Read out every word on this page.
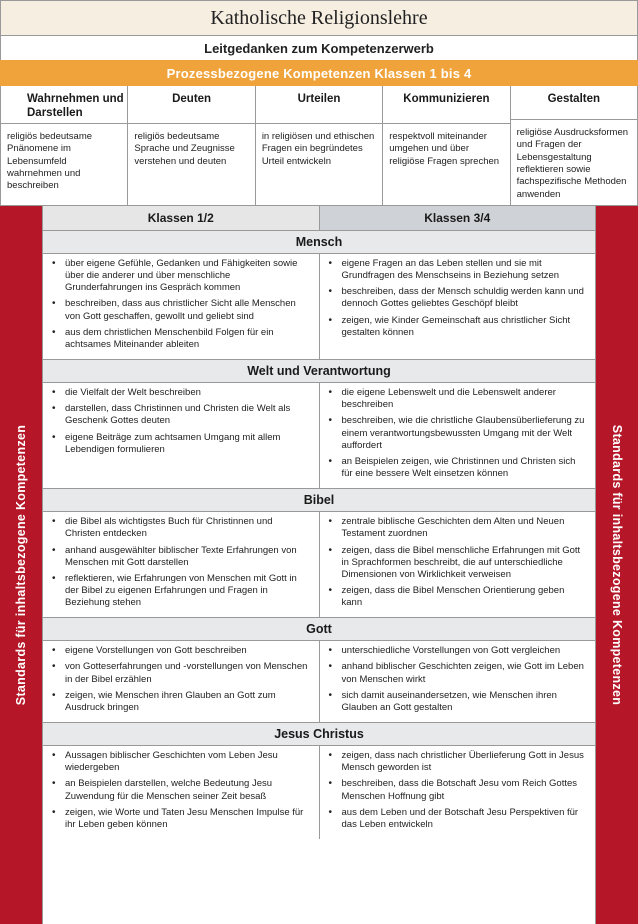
Katholische Religionslehre
Leitgedanken zum Kompetenzerwerb
Prozessbezogene Kompetenzen Klassen 1 bis 4
Wahrnehmen und Darstellen
religiös bedeutsame Pnänomene im Lebensumfeld wahrnehmen und beschreiben
Deuten
religiös bedeutsame Sprache und Zeugnisse verstehen und deuten
Urteilen
in religiösen und ethischen Fragen ein begründetes Urteil entwickeln
Kommunizieren
respektvoll miteinander umgehen und über religiöse Fragen sprechen
Gestalten
religiöse Ausdrucksformen und Fragen der Lebensgestaltung reflektieren sowie fachspezifische Methoden anwenden
Standards für inhaltsbezogene Kompetenzen	Standards für inhaltsbezogene Kompetenzen
Klassen 1/2	Klassen 3/4
Mensch
• über eigene Gefühle, Gedanken und Fähigkeiten sowie über die anderer und über menschliche Grunderfahrungen ins Gespräch kommen
• beschreiben, dass aus christlicher Sicht alle Menschen von Gott geschaffen, gewollt und geliebt sind
• aus dem christlichen Menschenbild Folgen für ein achtsames Miteinander ableiten
• eigene Fragen an das Leben stellen und sie mit Grundfragen des Menschseins in Beziehung setzen
• beschreiben, dass der Mensch schuldig werden kann und dennoch Gottes geliebtes Geschöpf bleibt
• zeigen, wie Kinder Gemeinschaft aus christlicher Sicht gestalten können
Welt und Verantwortung
• die Vielfalt der Welt beschreiben
• darstellen, dass Christinnen und Christen die Welt als Geschenk Gottes deuten
• eigene Beiträge zum achtsamen Umgang mit allem Lebendigen formulieren
• die eigene Lebenswelt und die Lebenswelt anderer beschreiben
• beschreiben, wie die christliche Glaubensüberlieferung zu einem verantwortungsbewussten Umgang mit der Welt auffordert
• an Beispielen zeigen, wie Christinnen und Christen sich für eine bessere Welt einsetzen können
Bibel
• die Bibel als wichtigstes Buch für Christinnen und Christen entdecken
• anhand ausgewählter biblischer Texte Erfahrungen von Menschen mit Gott darstellen
• reflektieren, wie Erfahrungen von Menschen mit Gott in der Bibel zu eigenen Erfahrungen und Fragen in Beziehung stehen
• zentrale biblische Geschichten dem Alten und Neuen Testament zuordnen
• zeigen, dass die Bibel menschliche Erfahrungen mit Gott in Sprachformen beschreibt, die auf unterschiedliche Dimensionen von Wirklichkeit verweisen
• zeigen, dass die Bibel Menschen Orientierung geben kann
Gott
• eigene Vorstellungen von Gott beschreiben
• von Gotteserfahrungen und -vorstellungen von Menschen in der Bibel erzählen
• zeigen, wie Menschen ihren Glauben an Gott zum Ausdruck bringen
• unterschiedliche Vorstellungen von Gott vergleichen
• anhand biblischer Geschichten zeigen, wie Gott im Leben von Menschen wirkt
• sich damit auseinandersetzen, wie Menschen ihren Glauben an Gott gestalten
Jesus Christus
• Aussagen biblischer Geschichten vom Leben Jesu wiedergeben
• an Beispielen darstellen, welche Bedeutung Jesu Zuwendung für die Menschen seiner Zeit besaß
• zeigen, wie Worte und Taten Jesu Menschen Impulse für ihr Leben geben können
• zeigen, dass nach christlicher Überlieferung Gott in Jesus Mensch geworden ist
• beschreiben, dass die Botschaft Jesu vom Reich Gottes Menschen Hoffnung gibt
• aus dem Leben und der Botschaft Jesu Perspektiven für das Leben entwickeln
